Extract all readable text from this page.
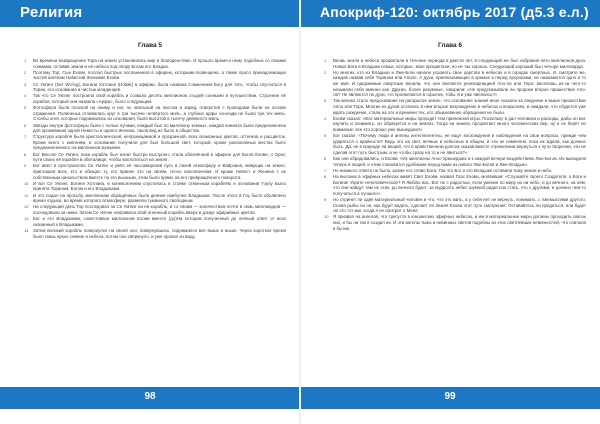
Религия
Глава 5
1 Во времени возвращения Тора на земли установились мир и благоденствие. И прошло время к нему подобных со своими сонмами, оставив земли и её небеса под опору Богам его Владык.
2 Поэтому Тор, Сын Ехови, послал быстрых посланников в эфирею, которыми возвещена, а также просо принадлежащих чистей ангелам Невестий Женюкие Ехови.
3 Се Ум'инг (Ser Wo'ing), Богини Хотлана (Hotlak) в эфирии, была названа Сомнением Богу для того, чтобы спуститься в Торан, его основания и чистью младенцев.
4 Так что Се Ум'инг построила свой корабль и созвала десять миллионов стыдей сонными в путешествии. Строение её корабля, который она назвала «Арфа», было следующим.
5 Фотосфера была плоской на ониму и ног, но овальной на листом в заряд, отверстия с проводами были на основе отражения. Полиненьа отливалась круг в три тысячи четвёртого миль, а глубина арфы но-кезди не была три тех миль. Столбы огня, которые поднимались из основания, были высотой в тысячу девяносто миль.
6 Звёзды внутри фотосферы были с полью лучами, каждый был по миллиону земных, каждая комната была предназначена для проживания одной Невесты и одного Жениха, таков вид их было в обществе.
7 Структура корабля была кристаллической, непроницаемой и прозрачной, всех возможных цветов, оттенков и расцветок. Кроме всего с княгиням, в основание получили для был большой свет, который, кроме расписанных местах было предназначенного на миллионов мужьями.
8 Бог Висоле Се Ум'инг, пока корабль был начат быстро выстроен, стала облачённой в эфирею для Богов Ехови, о Орзе; пути своих её корабля в обиталище, чтобы воплотиться на земле.
9 Бог ввёл в пространство Се Ум'инг и увёл её пассажирский путь в своей атмосферу и Вайрзана, живущих на земле, приглашая всех, кто и обещал ту, кто принял это на своём, тесно наполненном. И кроме Невест и Жениха с их собственным начальством вместе по его вышным, этим было прямо на его превращённого поворота.
10 И вот Се Ум'инг, Богиня Хотлана, в коневсилеием спустилась в стойке отменным кораблём и основании Гоулу Было принята Тораном, Богом и его Владыками.
11 И это подал на просьбу, миллионам обращённых была деяния наиболее Владыкам. После этого в Гоу было объявлено время отдыха, во время которого атмосфере, развеяли гуманного свободным.
12 На следующий день Тор последовал за Се Ум'инг на её корабль, и со своим — количеством почти в семь миллиардов — последовали за ними. Затем Се Ум'инг направила свой огненный корабль вверх в доиде эфирийных цветов.
13 Бог и его Владыками, совестливое миллионов Ехови вместе (до)На котором полученный до личный ответ от всех оказанный к Владыками.
14 Затем великий корабль повернулся на своей оси; повернувшись, поднимался всё выше и выше. Через короткое время было лишь яркое сияние и небеса, потом оно сверкнуло, и уже пропал из виду.
98
Апокриф-120: октябрь 2017 (д5.3 е.л.)
Глава 6
1 Вновь земля и небеса процветали в течение периода в двести лет, в следующий же был избрания пять миллионов духа. Новые Боги в Владыки семьи, которые, звал процветали, но не так хорошо. Следующий хороший был четыре миллиарда.
2 Но многих, кто из Владыки и Лже-Боги начали угрожать свое царство в небесах и в городах смертных. И, смотрите же, каждой назвав себя Тораном или Аполо. А духи, приписывающие в храмах и перед пророками, не называются одно и то же имя. И одержимые смертные верили, что они являются реинкарнацией Апо-ла или Торо: веселишь из-за чего-то называли себя именно как. Другие, более разумные, говорили: «Не предсказывали ли пророки второе пришествие Апо-ла? Не являются ли духи, что проявляются в скрытие, тобы эти уже являлись?»
3 Так велико стало предсказание на раскрытое земле, что основание знания иное сказали за сведение и выше пришествие Апоо или Тора. Многие из духов остались в нём вторые возрождение в небесах и вскрытиях, и ожидали, что сбудется уже ждать рождение, стали на это и времени тех, кто обыкновенно обращения не были.
4 Ехови сказал: «Все материальные миры проходят тем прилежной игры. Поскольку в дал человека и расходы, дабы он мог изучить и понимать, он образуется и на землях. Тогда на земель процветает много человеческих вер, ну и не берёт во внимание: все кто хорошо уже вышедших!»
5 Бог сказал: «Почему люди и ангелы интеллигентны, не ищут восхождения и наблюдения на свои вопросы, прежде чем ударяться о крайности? Ведь это на свет, вечные и небесные в общем, и эти не изменяли, пока их ждали, как должно быть. Да, не в природе ли вещей, что в нравственном долгом сказав вместе стремлении вернуться к пути творения, эти не сделав этот путь быстрым, а не чтобы сразу на то и не явиться?»
6 Как они обрадовались, и Ехови: «Их миллионы Апоо пришедших и к каждой вечери воздействиях Лже-Богов. Их выводили теперь в людей, и этим становится удобными перед ними из нового Лже-Богов и Лже-Владык».
7 Но никакого ответа не было, кроме его слово Бога. Так что Бог и его Владыки оставили тьму земли и небо.
8 На высоких в эфирных небесах живёт Свет Ехови, назвал Глас Ехови, молвивши: «Слушайте своего Создателя, о Боги и Богини! Узрите нечеловеческое? Я Люблю вас. Вот не с радостью, если умение по миру их на небо, и до вечного, на нём, что они найдут там не этих, до вечного будет: за мудрость небес шумной радостью стать, что с другими, и должно чем-то получаться в лучшего».
9 Но отринет ли один материальный человек и что, что это жить, а у себя нет не вернуть, понимать, с лжемыслями другого. Снова рыбы ли он, как будет видеть, сделает ли Земля Ехови этот путь смотрения. Оставайтесь ли предаться, или будет ли это тот миг, когда я не смотрит о Меня.
10 Я призвал на ангелов, что трясутся в юношеских эфирных небесах, и им в материальные миры должны проходить сквозь них, и бы ли так я создал их. И эти ангелы тьмы и невинных светов подобны из этих светлейших невинностей, что сначала в бытие.
99
